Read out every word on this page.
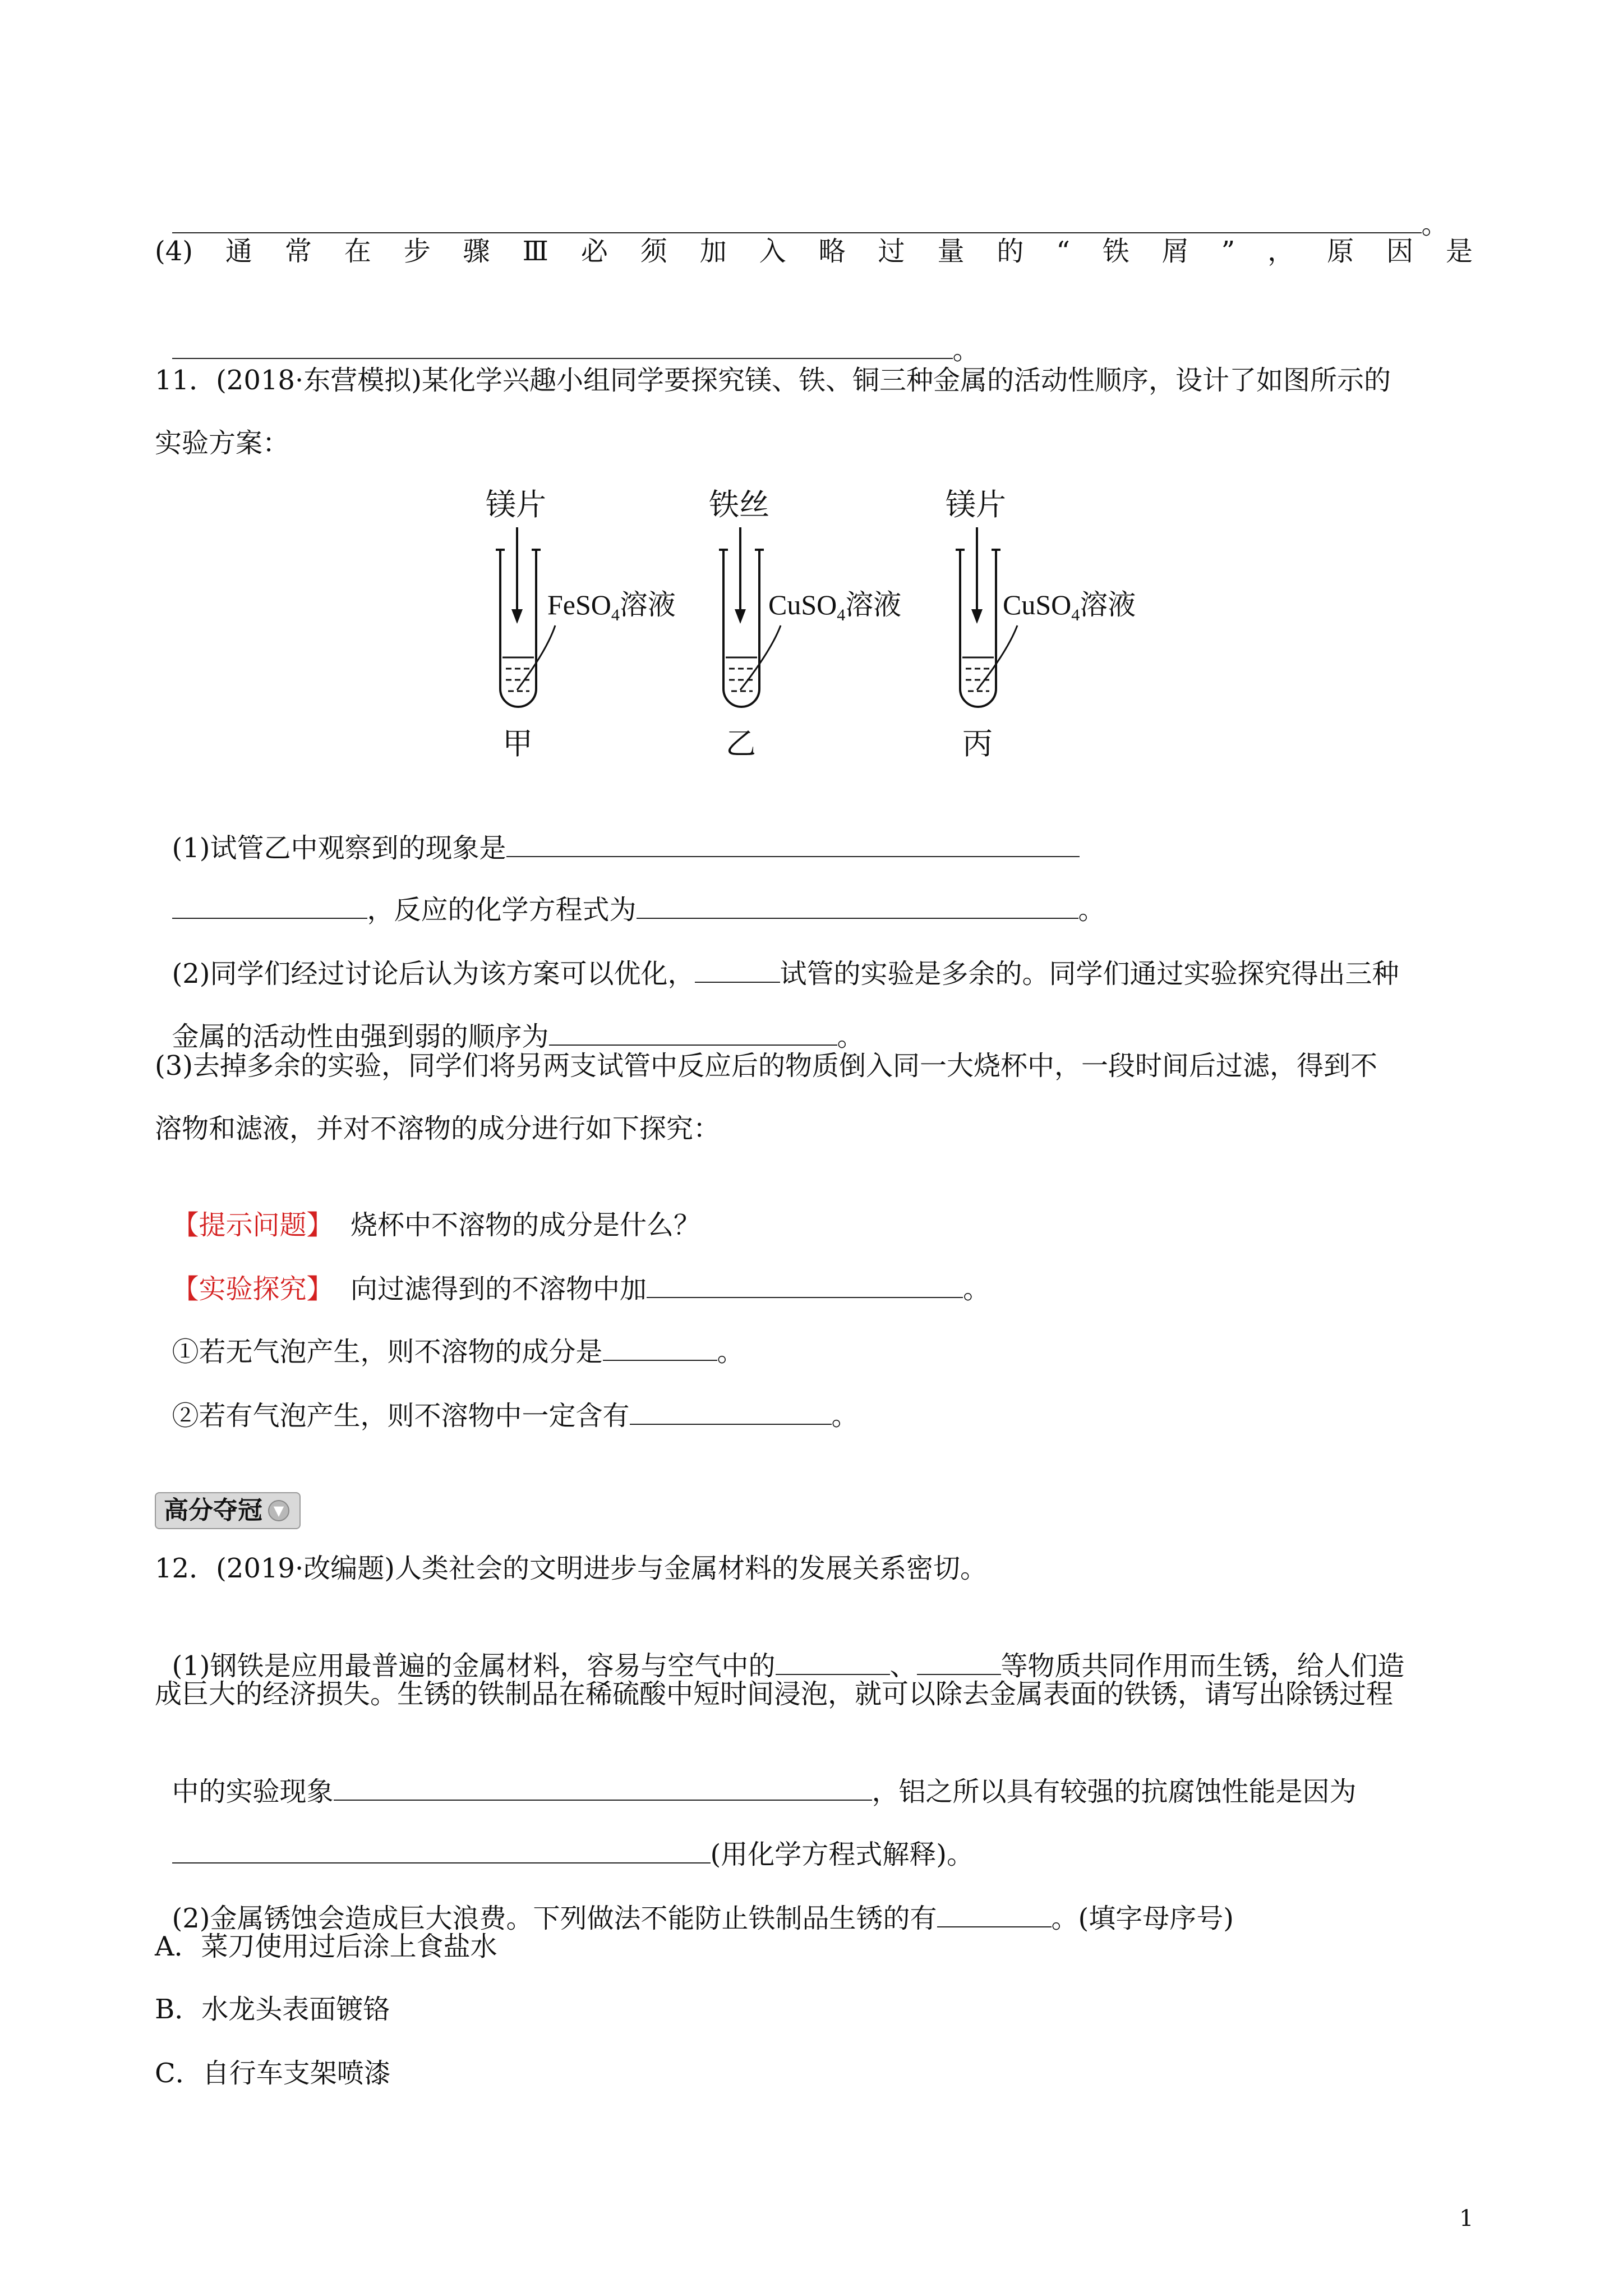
。

(4) 通 常 在 步 骤 Ⅲ 必 须 加 入 略 过 量 的 “ 铁 屑 ” ， 原 因 是

。

11．(2018·东营模拟)某化学兴趣小组同学要探究镁、铁、铜三种金属的活动性顺序，设计了如图所示的
实验方案：
镁片
FeSO$_4$溶液
甲
铁丝
CuSO$_4$溶液
乙
镁片
CuSO$_4$溶液
丙

(1)试管乙中观察到的现象是

，反应的化学方程式为	。

(2)同学们经过讨论后认为该方案可以优化，	试管的实验是多余的。同学们通过实验探究得出三种

金属的活动性由强到弱的顺序为	。

(3)去掉多余的实验，同学们将另两支试管中反应后的物质倒入同一大烧杯中，一段时间后过滤，得到不
溶物和滤液，并对不溶物的成分进行如下探究：

【提示问题】  烧杯中不溶物的成分是什么？

【实验探究】  向过滤得到的不溶物中加	。

①若无气泡产生，则不溶物的成分是	。

②若有气泡产生，则不溶物中一定含有	。

高分夺冠 ▼
12．(2019·改编题)人类社会的文明进步与金属材料的发展关系密切。

(1)钢铁是应用最普遍的金属材料，容易与空气中的	、	等物质共同作用而生锈，给人们造

成巨大的经济损失。生锈的铁制品在稀硫酸中短时间浸泡，就可以除去金属表面的铁锈，请写出除锈过程

中的实验现象	，铝之所以具有较强的抗腐蚀性能是因为

(用化学方程式解释)。

(2)金属锈蚀会造成巨大浪费。下列做法不能防止铁制品生锈的有	。(填字母序号)

A．菜刀使用过后涂上食盐水
B．水龙头表面镀铬
C．自行车支架喷漆
1
